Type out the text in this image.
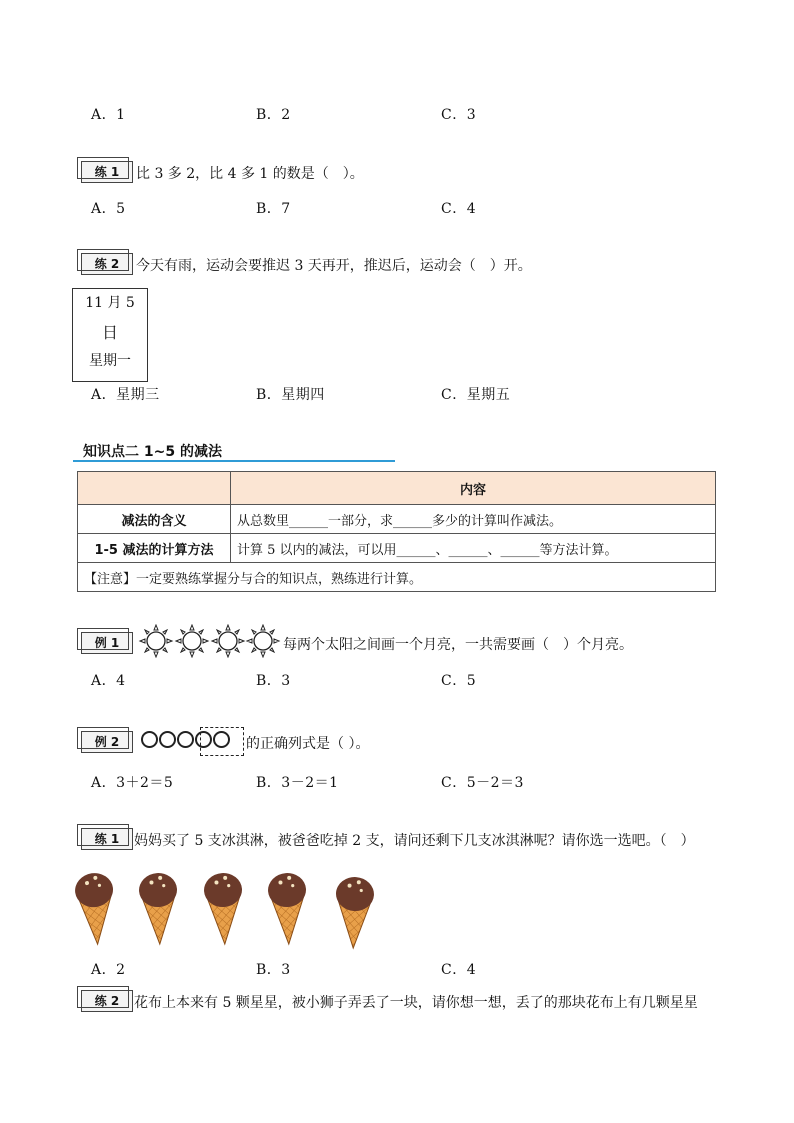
A．1	B．2	C．3
练 1	比 3 多 2，比 4 多 1 的数是（　）。
A．5	B．7	C．4
练 2	今天有雨，运动会要推迟 3 天再开，推迟后，运动会（　）开。
11 月 5
日
星期一
A．星期三	B．星期四	C．星期五
知识点二 1~5 的减法
	内容
减法的含义	从总数里______一部分，求______多少的计算叫作减法。
1-5 减法的计算方法	计算 5 以内的减法，可以用______、______、______等方法计算。
【注意】一定要熟练掌握分与合的知识点，熟练进行计算。	
例 1	每两个太阳之间画一个月亮，一共需要画（　）个月亮。
A．4	B．3	C．5
例 2	的正确列式是（ ）。
A．3＋2＝5	B．3－2＝1	C．5－2＝3
练 1	妈妈买了 5 支冰淇淋，被爸爸吃掉 2 支，请问还剩下几支冰淇淋呢？请你选一选吧。（　）
A．2	B．3	C．4
练 2	花布上本来有 5 颗星星，被小狮子弄丢了一块，请你想一想，丢了的那块花布上有几颗星星
